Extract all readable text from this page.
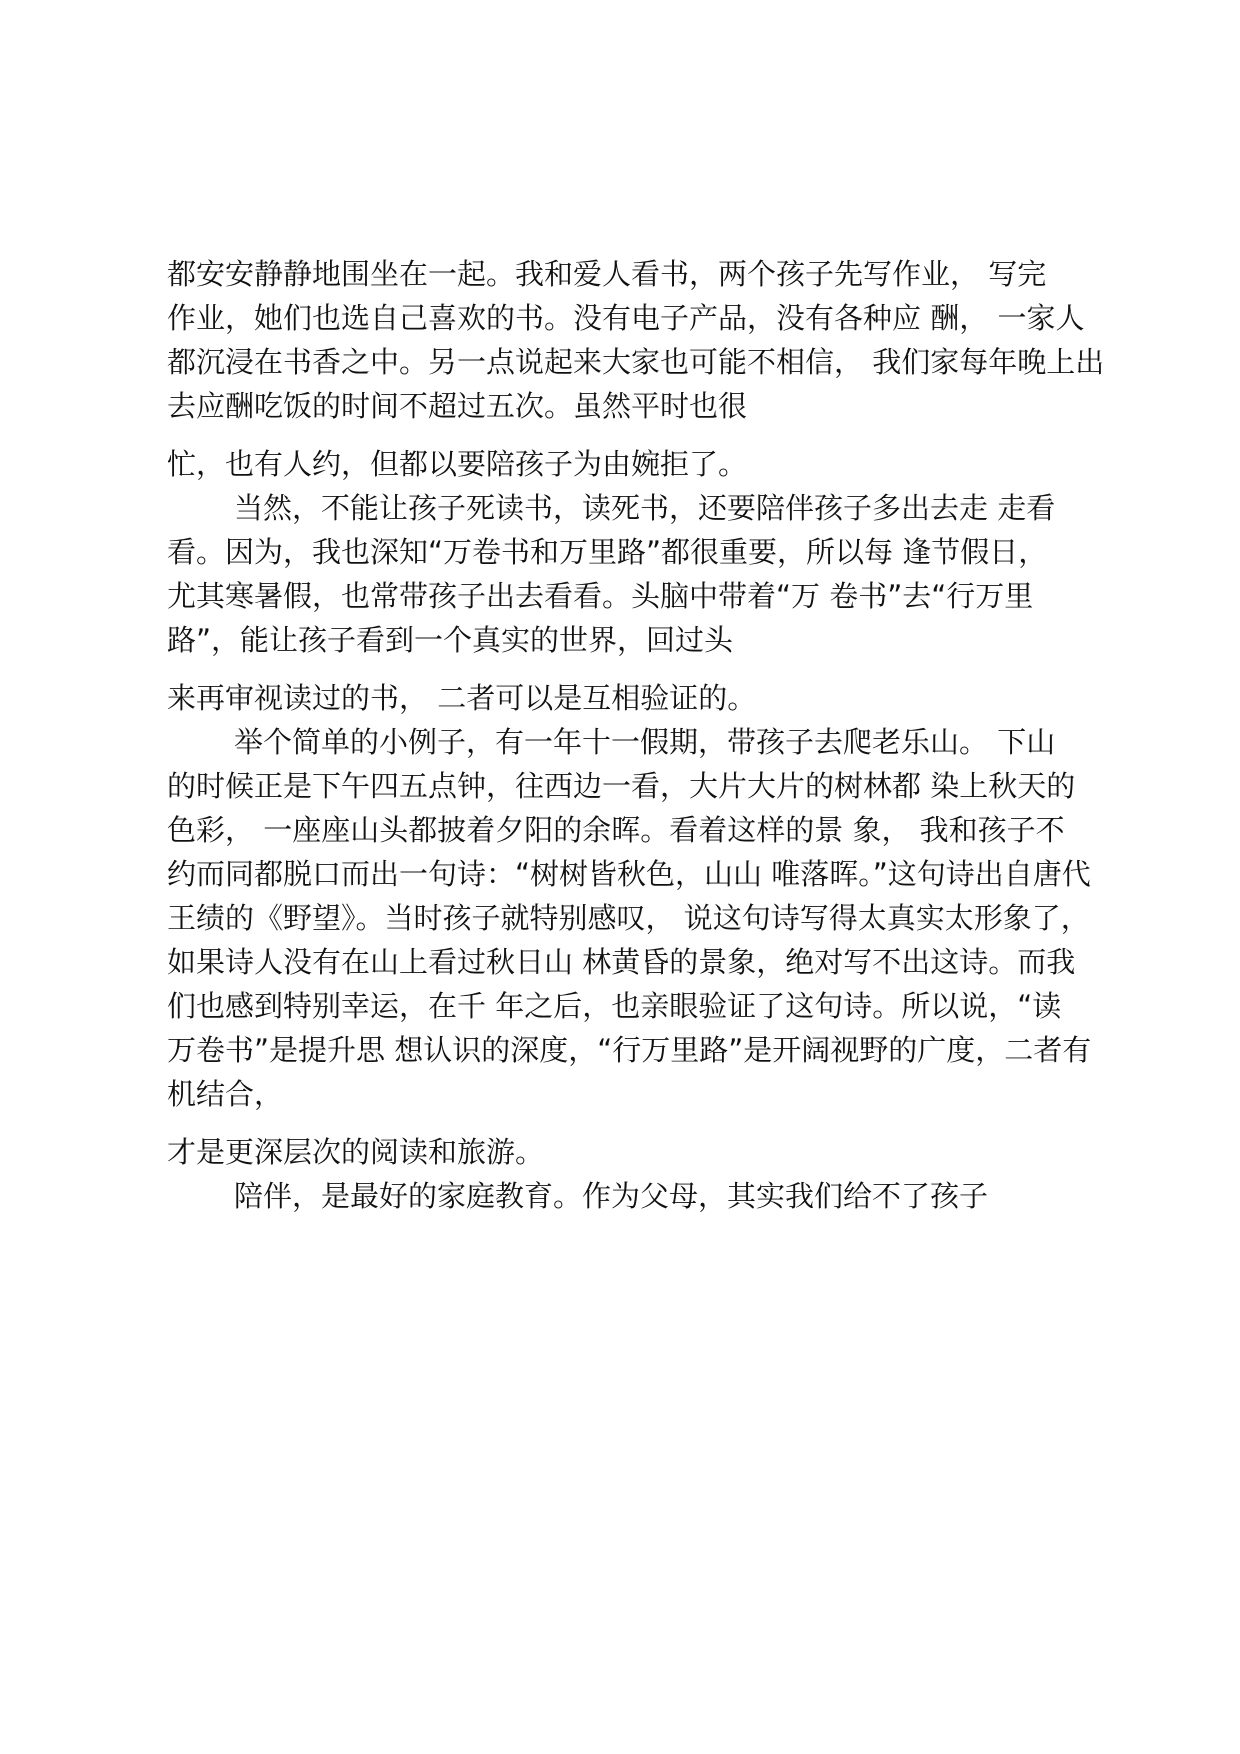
都安安静静地围坐在一起。我和爱人看书，两个孩子先写作业， 写完
作业，她们也选自己喜欢的书。没有电子产品，没有各种应 酬， 一家人
都沉浸在书香之中。另一点说起来大家也可能不相信， 我们家每年晚上出
去应酬吃饭的时间不超过五次。虽然平时也很
忙，也有人约，但都以要陪孩子为由婉拒了。
当然，不能让孩子死读书，读死书，还要陪伴孩子多出去走 走看
看。因为，我也深知“万卷书和万里路”都很重要，所以每 逢节假日，
尤其寒暑假，也常带孩子出去看看。头脑中带着“万 卷书”去“行万里
路”，能让孩子看到一个真实的世界，回过头
来再审视读过的书， 二者可以是互相验证的。
举个简单的小例子，有一年十一假期，带孩子去爬老乐山。 下山
的时候正是下午四五点钟，往西边一看，大片大片的树林都 染上秋天的
色彩， 一座座山头都披着夕阳的余晖。看着这样的景 象， 我和孩子不
约而同都脱口而出一句诗：“树树皆秋色，山山 唯落晖。”这句诗出自唐代
王绩的《野望》。当时孩子就特别感叹， 说这句诗写得太真实太形象了，
如果诗人没有在山上看过秋日山 林黄昏的景象，绝对写不出这诗。而我
们也感到特别幸运，在千 年之后，也亲眼验证了这句诗。所以说，“读
万卷书”是提升思 想认识的深度，“行万里路”是开阔视野的广度，二者有
机结合，
才是更深层次的阅读和旅游。
陪伴，是最好的家庭教育。作为父母，其实我们给不了孩子
